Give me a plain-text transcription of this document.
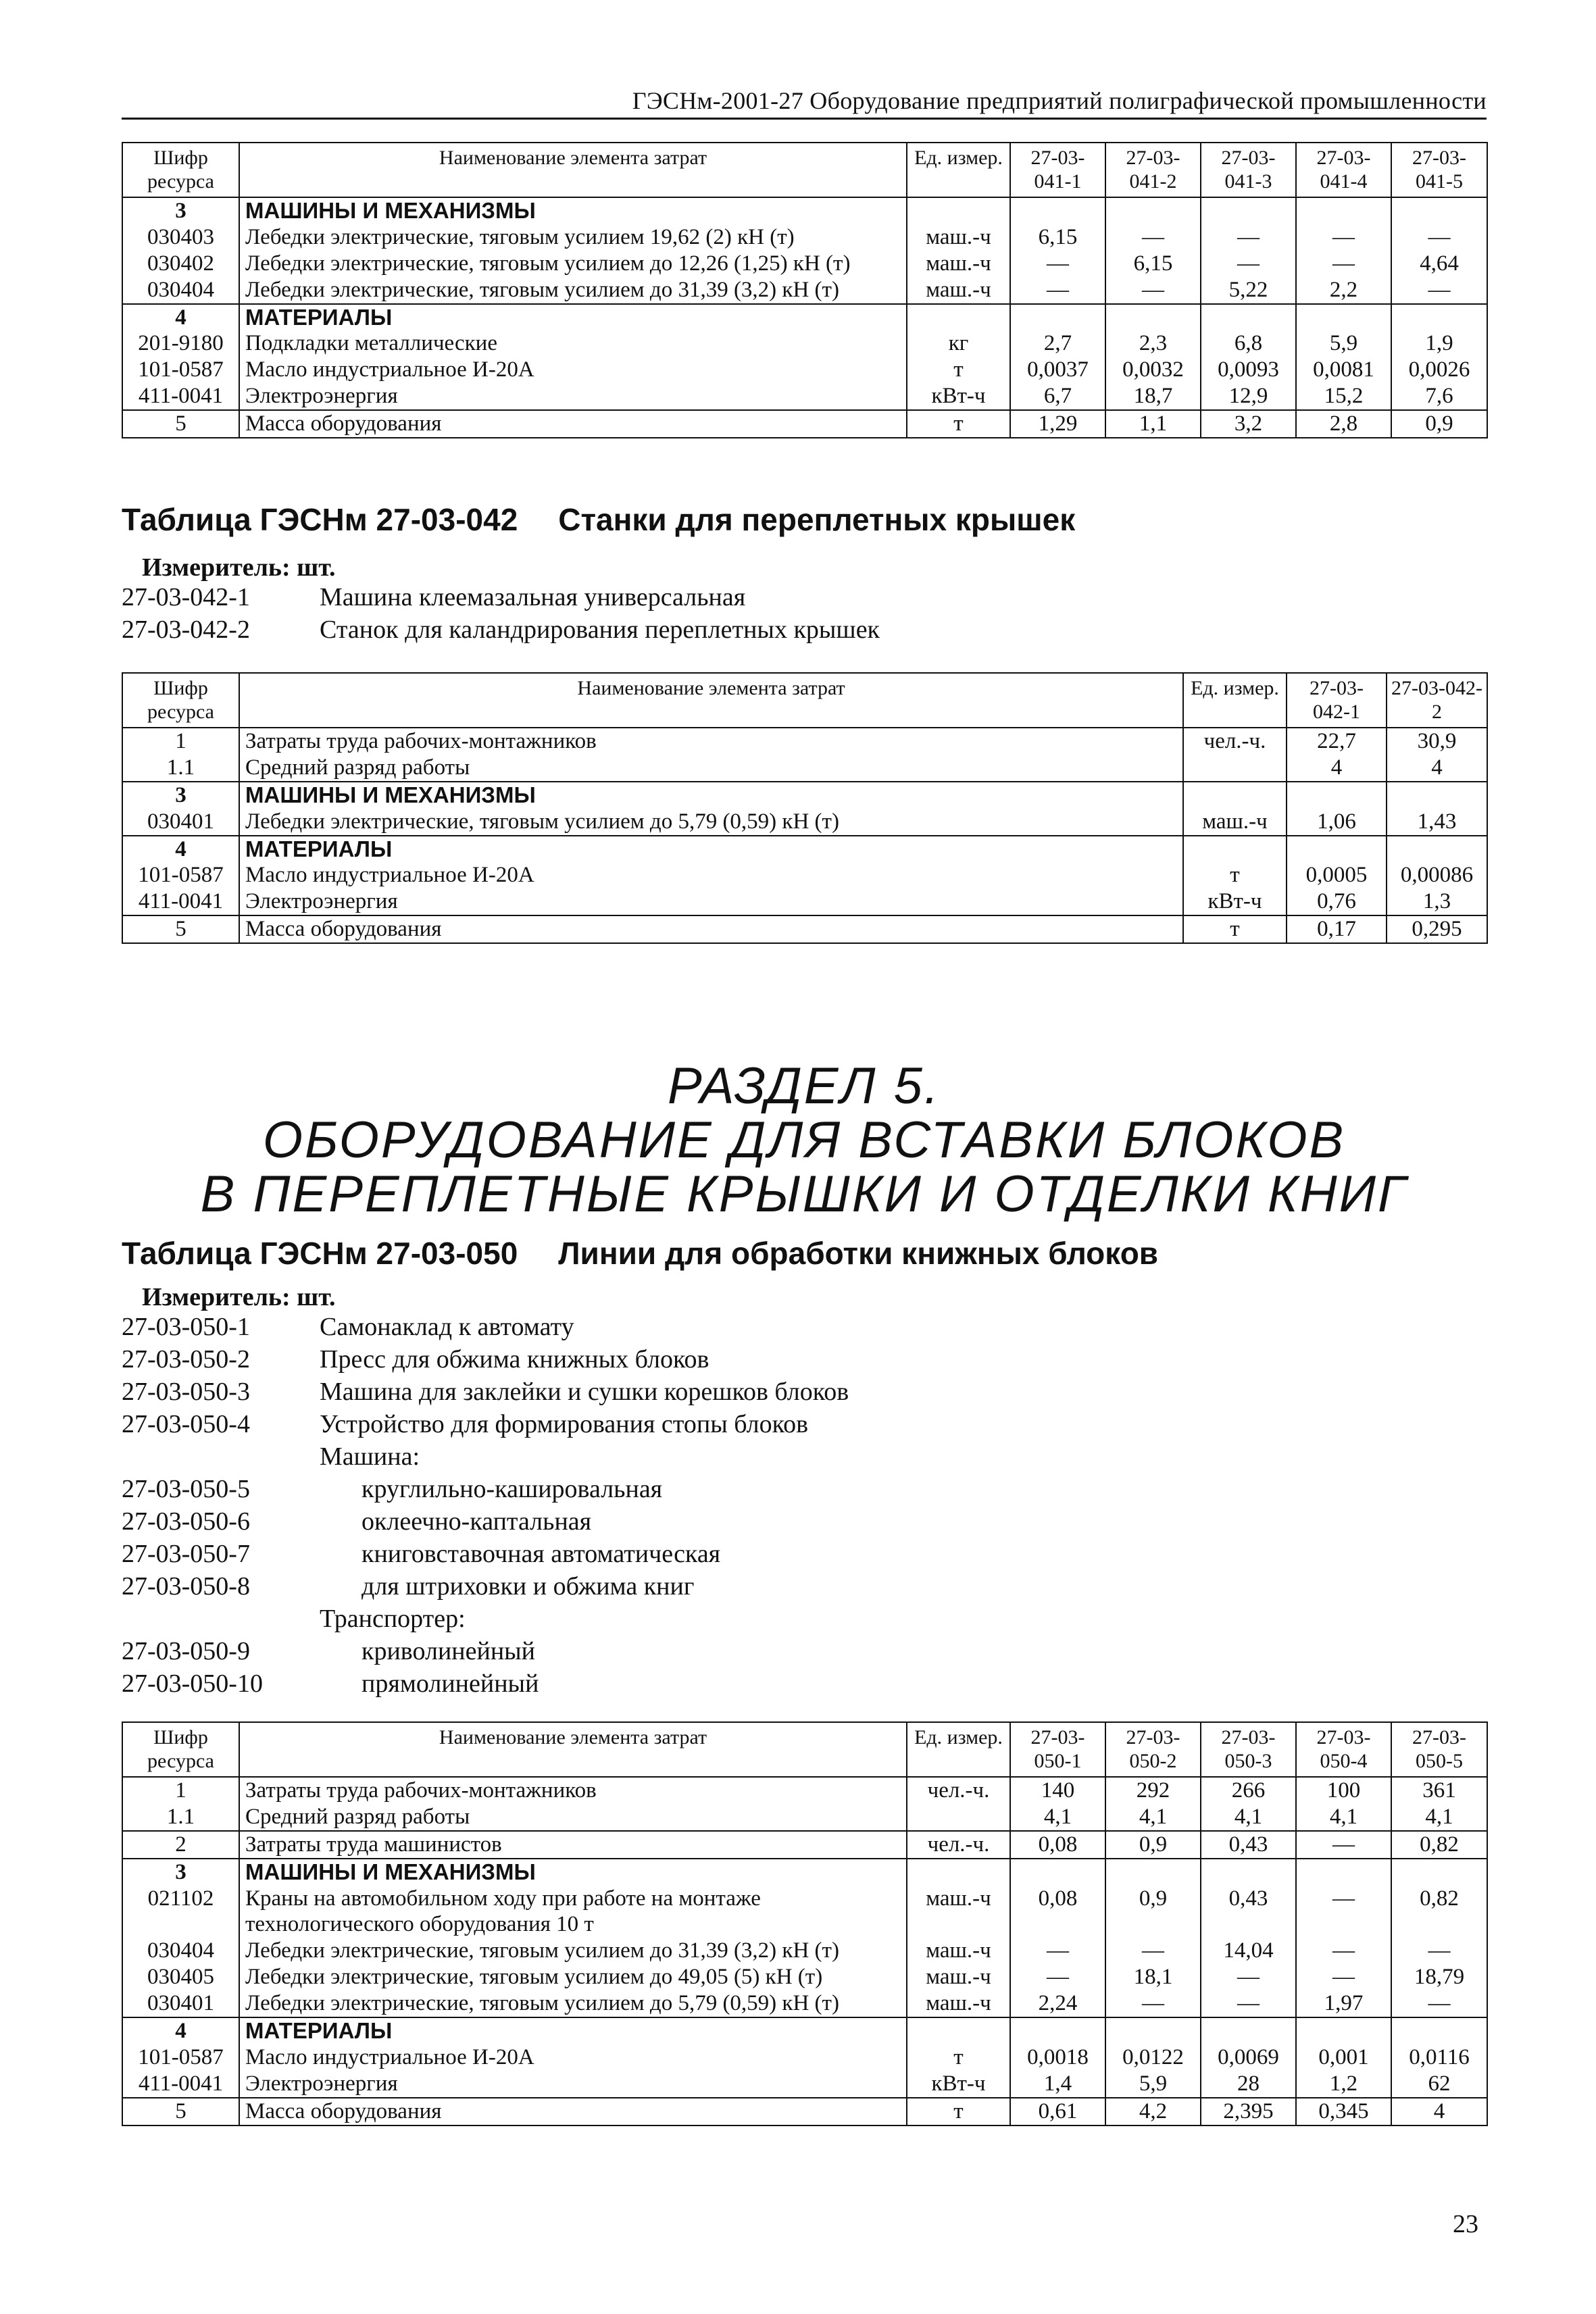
ГЭСНм-2001-27 Оборудование предприятий полиграфической промышленности
Шифр ресурса	Наименование элемента затрат	Ед. измер.	27-03-041-1	27-03-041-2	27-03-041-3	27-03-041-4	27-03-041-5
3	МАШИНЫ И МЕХАНИЗМЫ						
030403	Лебедки электрические, тяговым усилием 19,62 (2) кН (т)	маш.-ч	6,15	—	—	—	—
030402	Лебедки электрические, тяговым усилием до 12,26 (1,25) кН (т)	маш.-ч	—	6,15	—	—	4,64
030404	Лебедки электрические, тяговым усилием до 31,39 (3,2) кН (т)	маш.-ч	—	—	5,22	2,2	—
4	МАТЕРИАЛЫ						
201-9180	Подкладки металлические	кг	2,7	2,3	6,8	5,9	1,9
101-0587	Масло индустриальное И-20А	т	0,0037	0,0032	0,0093	0,0081	0,0026
411-0041	Электроэнергия	кВт-ч	6,7	18,7	12,9	15,2	7,6
5	Масса оборудования	т	1,29	1,1	3,2	2,8	0,9
Таблица ГЭСНм 27-03-042 Станки для переплетных крышек
Измеритель: шт.
27-03-042-1	Машина клеемазальная универсальная
27-03-042-2	Станок для каландрирования переплетных крышек
Шифр ресурса	Наименование элемента затрат	Ед. измер.	27-03-042-1	27-03-042-2
1	Затраты труда рабочих-монтажников	чел.-ч.	22,7	30,9
1.1	Средний разряд работы		4	4
3	МАШИНЫ И МЕХАНИЗМЫ			
030401	Лебедки электрические, тяговым усилием до 5,79 (0,59) кН (т)	маш.-ч	1,06	1,43
4	МАТЕРИАЛЫ			
101-0587	Масло индустриальное И-20А	т	0,0005	0,00086
411-0041	Электроэнергия	кВт-ч	0,76	1,3
5	Масса оборудования	т	0,17	0,295
РАЗДЕЛ 5.
ОБОРУДОВАНИЕ ДЛЯ ВСТАВКИ БЛОКОВ
В ПЕРЕПЛЕТНЫЕ КРЫШКИ И ОТДЕЛКИ КНИГ
Таблица ГЭСНм 27-03-050 Линии для обработки книжных блоков
Измеритель: шт.
27-03-050-1	Самонаклад к автомату
27-03-050-2	Пресс для обжима книжных блоков
27-03-050-3	Машина для заклейки и сушки корешков блоков
27-03-050-4	Устройство для формирования стопы блоков
Машина:
27-03-050-5	круглильно-кашировальная
27-03-050-6	оклеечно-каптальная
27-03-050-7	книговставочная автоматическая
27-03-050-8	для штриховки и обжима книг
Транспортер:
27-03-050-9	криволинейный
27-03-050-10	прямолинейный
Шифр ресурса	Наименование элемента затрат	Ед. измер.	27-03-050-1	27-03-050-2	27-03-050-3	27-03-050-4	27-03-050-5
1	Затраты труда рабочих-монтажников	чел.-ч.	140	292	266	100	361
1.1	Средний разряд работы		4,1	4,1	4,1	4,1	4,1
2	Затраты труда машинистов	чел.-ч.	0,08	0,9	0,43	—	0,82
3	МАШИНЫ И МЕХАНИЗМЫ						
021102	Краны на автомобильном ходу при работе на монтаже технологического оборудования 10 т	маш.-ч	0,08	0,9	0,43	—	0,82
030404	Лебедки электрические, тяговым усилием до 31,39 (3,2) кН (т)	маш.-ч	—	—	14,04	—	—
030405	Лебедки электрические, тяговым усилием до 49,05 (5) кН (т)	маш.-ч	—	18,1	—	—	18,79
030401	Лебедки электрические, тяговым усилием до 5,79 (0,59) кН (т)	маш.-ч	2,24	—	—	1,97	—
4	МАТЕРИАЛЫ						
101-0587	Масло индустриальное И-20А	т	0,0018	0,0122	0,0069	0,001	0,0116
411-0041	Электроэнергия	кВт-ч	1,4	5,9	28	1,2	62
5	Масса оборудования	т	0,61	4,2	2,395	0,345	4
23
